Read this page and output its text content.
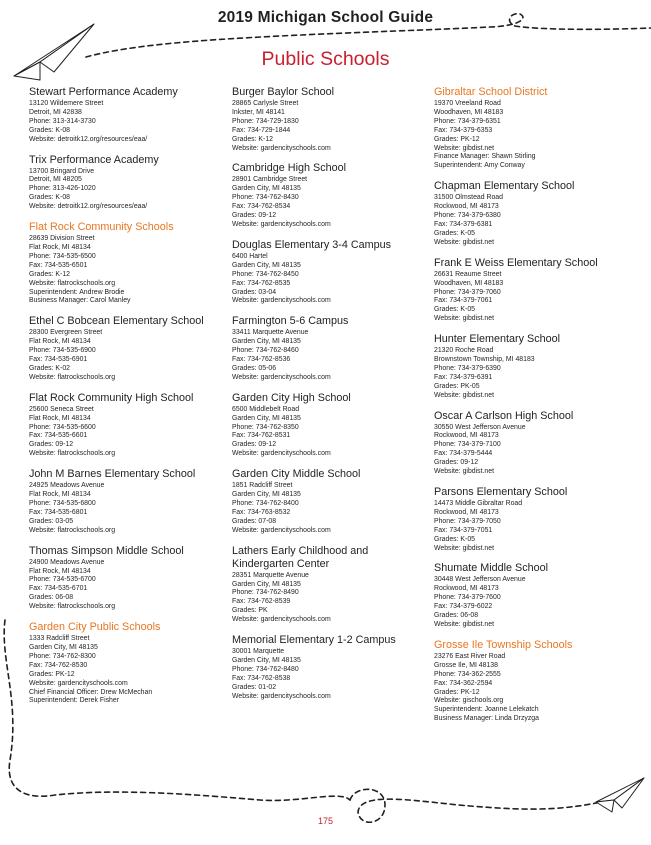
2019 Michigan School Guide
Public Schools
Stewart Performance Academy
13120 Wildemere Street
Detroit, MI 42838
Phone: 313-314-3730
Grades: K-08
Website: detroitk12.org/resources/eaa/
Trix Performance Academy
13700 Bringard Drive
Detroit, MI 48205
Phone: 313-426-1020
Grades: K-08
Website: detroitk12.org/resources/eaa/
Flat Rock Community Schools
28639 Division Street
Flat Rock, MI 48134
Phone: 734-535-6500
Fax: 734-535-6501
Grades: K-12
Website: flatrockschools.org
Superintendent: Andrew Brodie
Business Manager: Carol Manley
Ethel C Bobcean Elementary School
28300 Evergreen Street
Flat Rock, MI 48134
Phone: 734-535-6900
Fax: 734-535-6901
Grades: K-02
Website: flatrockschools.org
Flat Rock Community High School
25600 Seneca Street
Flat Rock, MI 48134
Phone: 734-535-6600
Fax: 734-535-6601
Grades: 09-12
Website: flatrockschools.org
John M Barnes Elementary School
24925 Meadows Avenue
Flat Rock, MI 48134
Phone: 734-535-6800
Fax: 734-535-6801
Grades: 03-05
Website: flatrockschools.org
Thomas Simpson Middle School
24900 Meadows Avenue
Flat Rock, MI 48134
Phone: 734-535-6700
Fax: 734-535-6701
Grades: 06-08
Website: flatrockschools.org
Garden City Public Schools
1333 Radcliff Street
Garden City, MI 48135
Phone: 734-762-8300
Fax: 734-762-8530
Grades: PK-12
Website: gardencityschools.com
Chief Financial Officer: Drew McMechan
Superintendent: Derek Fisher
Burger Baylor School
28865 Carlysle Street
Inkster, MI 48141
Phone: 734-729-1830
Fax: 734-729-1844
Grades: K-12
Website: gardencityschools.com
Cambridge High School
28901 Cambridge Street
Garden City, MI 48135
Phone: 734-762-8430
Fax: 734-762-8534
Grades: 09-12
Website: gardencityschools.com
Douglas Elementary 3-4 Campus
6400 Hartel
Garden City, MI 48135
Phone: 734-762-8450
Fax: 734-762-8535
Grades: 03-04
Website: gardencityschools.com
Farmington 5-6 Campus
33411 Marquette Avenue
Garden City, MI 48135
Phone: 734-762-8460
Fax: 734-762-8536
Grades: 05-06
Website: gardencityschools.com
Garden City High School
6500 Middlebelt Road
Garden City, MI 48135
Phone: 734-762-8350
Fax: 734-762-8531
Grades: 09-12
Website: gardencityschools.com
Garden City Middle School
1851 Radcliff Street
Garden City, MI 48135
Phone: 734-762-8400
Fax: 734-763-8532
Grades: 07-08
Website: gardencityschools.com
Lathers Early Childhood and Kindergarten Center
28351 Marquette Avenue
Garden City, MI 48135
Phone: 734-762-8490
Fax: 734-762-8539
Grades: PK
Website: gardencityschools.com
Memorial Elementary 1-2 Campus
30001 Marquette
Garden City, MI 48135
Phone: 734-762-8480
Fax: 734-762-8538
Grades: 01-02
Website: gardencityschools.com
Gibraltar School District
19370 Vreeland Road
Woodhaven, MI 48183
Phone: 734-379-6351
Fax: 734-379-6353
Grades: PK-12
Website: gibdist.net
Finance Manager: Shawn Stirling
Superintendent: Amy Conway
Chapman Elementary School
31500 Olmstead Road
Rockwood, MI 48173
Phone: 734-379-6380
Fax: 734-379-6381
Grades: K-05
Website: gibdist.net
Frank E Weiss Elementary School
26631 Reaume Street
Woodhaven, MI 48183
Phone: 734-379-7060
Fax: 734-379-7061
Grades: K-05
Website: gibdist.net
Hunter Elementary School
21320 Roche Road
Brownstown Township, MI 48183
Phone: 734-379-6390
Fax: 734-379-6391
Grades: PK-05
Website: gibdist.net
Oscar A Carlson High School
30550 West Jefferson Avenue
Rockwood, MI 48173
Phone: 734-379-7100
Fax: 734-379-5444
Grades: 09-12
Website: gibdist.net
Parsons Elementary School
14473 Middle Gibraltar Road
Rockwood, MI 48173
Phone: 734-379-7050
Fax: 734-379-7051
Grades: K-05
Website: gibdist.net
Shumate Middle School
30448 West Jefferson Avenue
Rockwood, MI 48173
Phone: 734-379-7600
Fax: 734-379-6022
Grades: 06-08
Website: gibdist.net
Grosse Ile Township Schools
23276 East River Road
Grosse Ile, MI 48138
Phone: 734-362-2555
Fax: 734-362-2594
Grades: PK-12
Website: gischools.org
Superintendent: Joanne Lelekatch
Business Manager: Linda Drzyzga
175
